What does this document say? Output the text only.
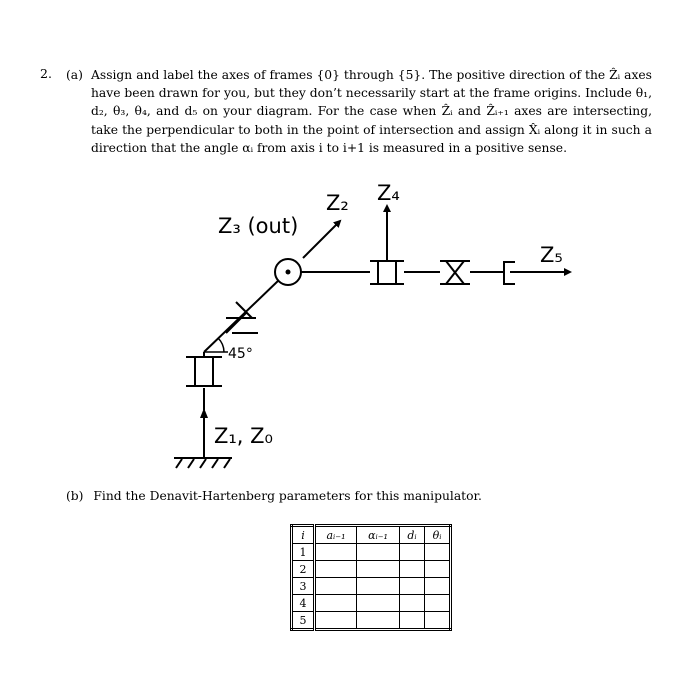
2. (a) Assign and label the axes of frames {0} through {5}. The positive direction of the Ẑᵢ axes have been drawn for you, but they don’t necessarily start at the frame origins. Include θ₁, d₂, θ₃, θ₄, and d₅ on your diagram. For the case when Ẑᵢ and Ẑᵢ₊₁ axes are intersecting, take the perpendicular to both in the point of intersection and assign X̂ᵢ along it in such a direction that the angle αᵢ from axis i to i+1 is measured in a positive sense.
45°
Z₃ (out)
Z₂ Z₄
Z₅
Z₁, Z₀
(b) Find the Denavit-Hartenberg parameters for this manipulator.
i	aᵢ₋₁	αᵢ₋₁	dᵢ	θᵢ
1				
2				
3				
4				
5				
